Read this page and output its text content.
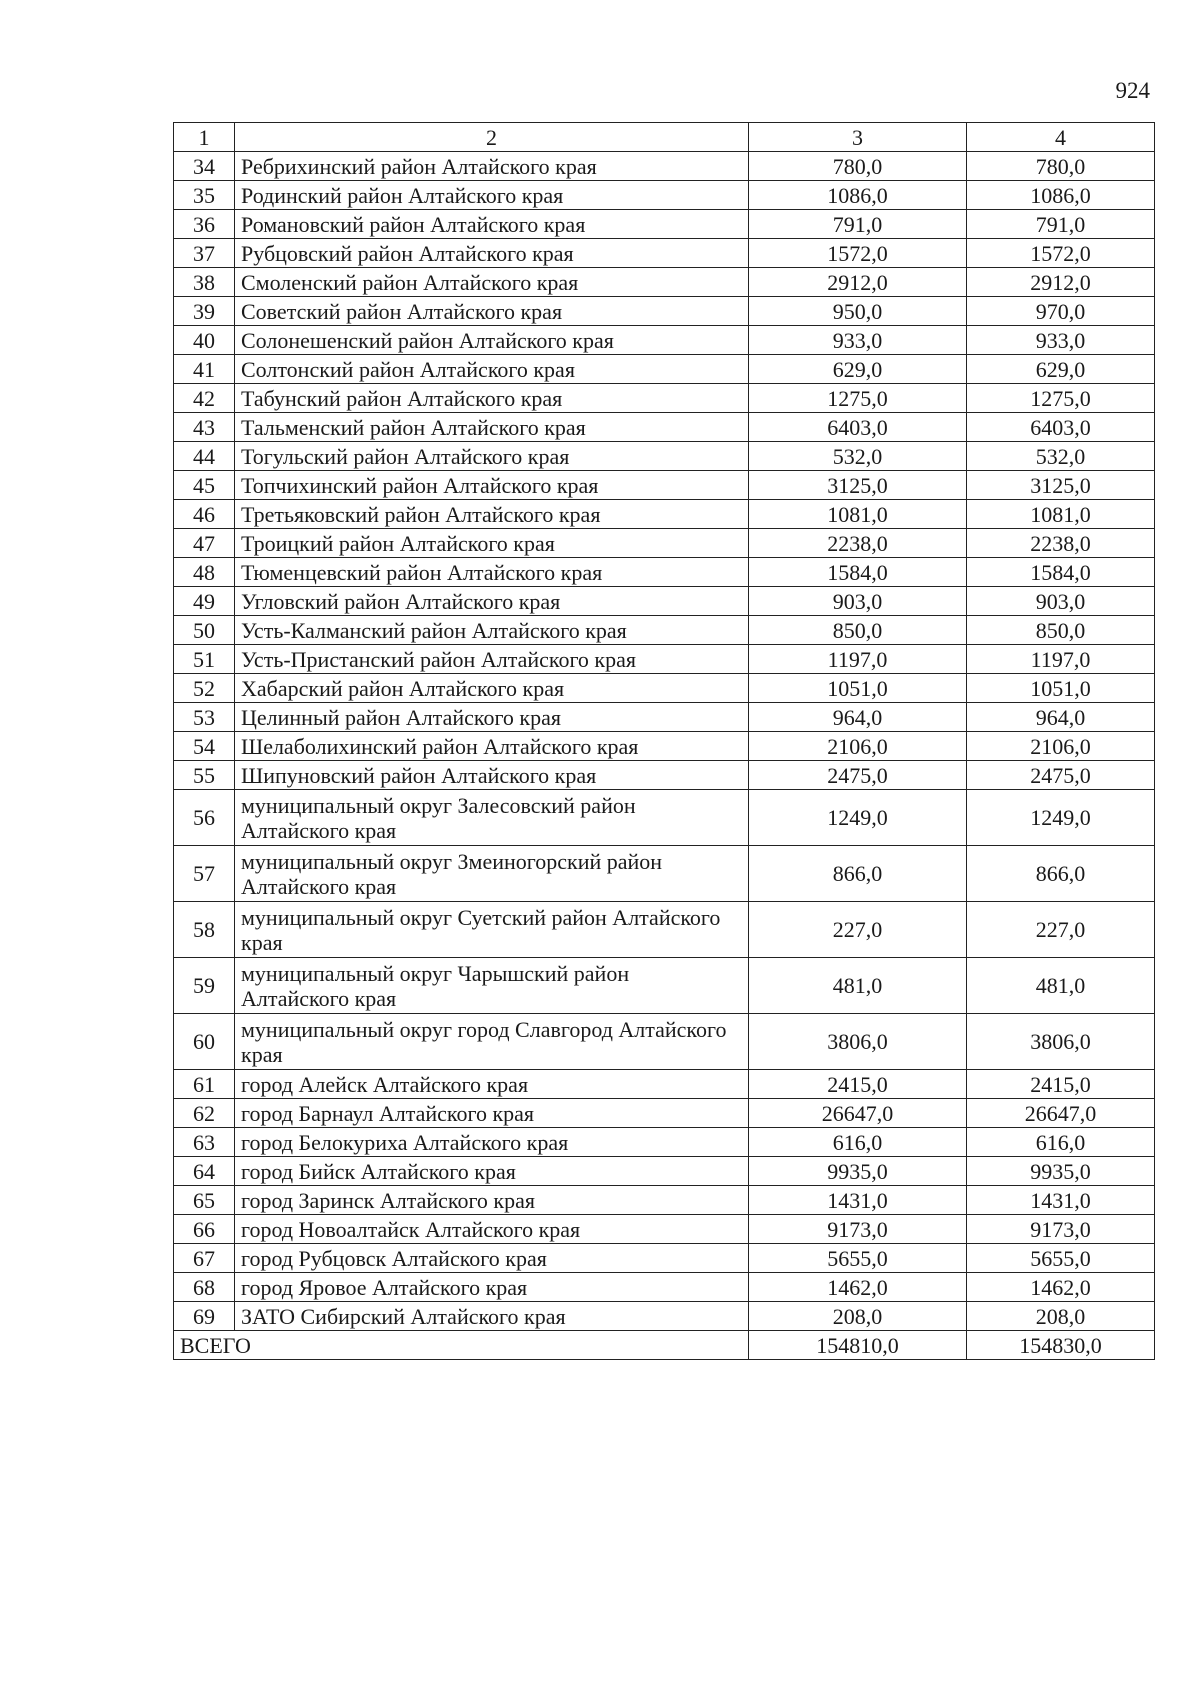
924
1	2	3	4
34	Ребрихинский район Алтайского края	780,0	780,0
35	Родинский район Алтайского края	1086,0	1086,0
36	Романовский район Алтайского края	791,0	791,0
37	Рубцовский район Алтайского края	1572,0	1572,0
38	Смоленский район Алтайского края	2912,0	2912,0
39	Советский район Алтайского края	950,0	970,0
40	Солонешенский район Алтайского края	933,0	933,0
41	Солтонский район Алтайского края	629,0	629,0
42	Табунский район Алтайского края	1275,0	1275,0
43	Тальменский район Алтайского края	6403,0	6403,0
44	Тогульский район Алтайского края	532,0	532,0
45	Топчихинский район Алтайского края	3125,0	3125,0
46	Третьяковский район Алтайского края	1081,0	1081,0
47	Троицкий район Алтайского края	2238,0	2238,0
48	Тюменцевский район Алтайского края	1584,0	1584,0
49	Угловский район Алтайского края	903,0	903,0
50	Усть-Калманский район Алтайского края	850,0	850,0
51	Усть-Пристанский район Алтайского края	1197,0	1197,0
52	Хабарский район Алтайского края	1051,0	1051,0
53	Целинный район Алтайского края	964,0	964,0
54	Шелаболихинский район Алтайского края	2106,0	2106,0
55	Шипуновский район Алтайского края	2475,0	2475,0
56	муниципальный округ Залесовский район Алтайского края	1249,0	1249,0
57	муниципальный округ Змеиногорский район Алтайского края	866,0	866,0
58	муниципальный округ Суетский район Алтайского края	227,0	227,0
59	муниципальный округ Чарышский район Алтайского края	481,0	481,0
60	муниципальный округ город Славгород Алтайского края	3806,0	3806,0
61	город Алейск Алтайского края	2415,0	2415,0
62	город Барнаул Алтайского края	26647,0	26647,0
63	город Белокуриха Алтайского края	616,0	616,0
64	город Бийск Алтайского края	9935,0	9935,0
65	город Заринск Алтайского края	1431,0	1431,0
66	город Новоалтайск Алтайского края	9173,0	9173,0
67	город Рубцовск Алтайского края	5655,0	5655,0
68	город Яровое Алтайского края	1462,0	1462,0
69	ЗАТО Сибирский Алтайского края	208,0	208,0
ВСЕГО		154810,0	154830,0
